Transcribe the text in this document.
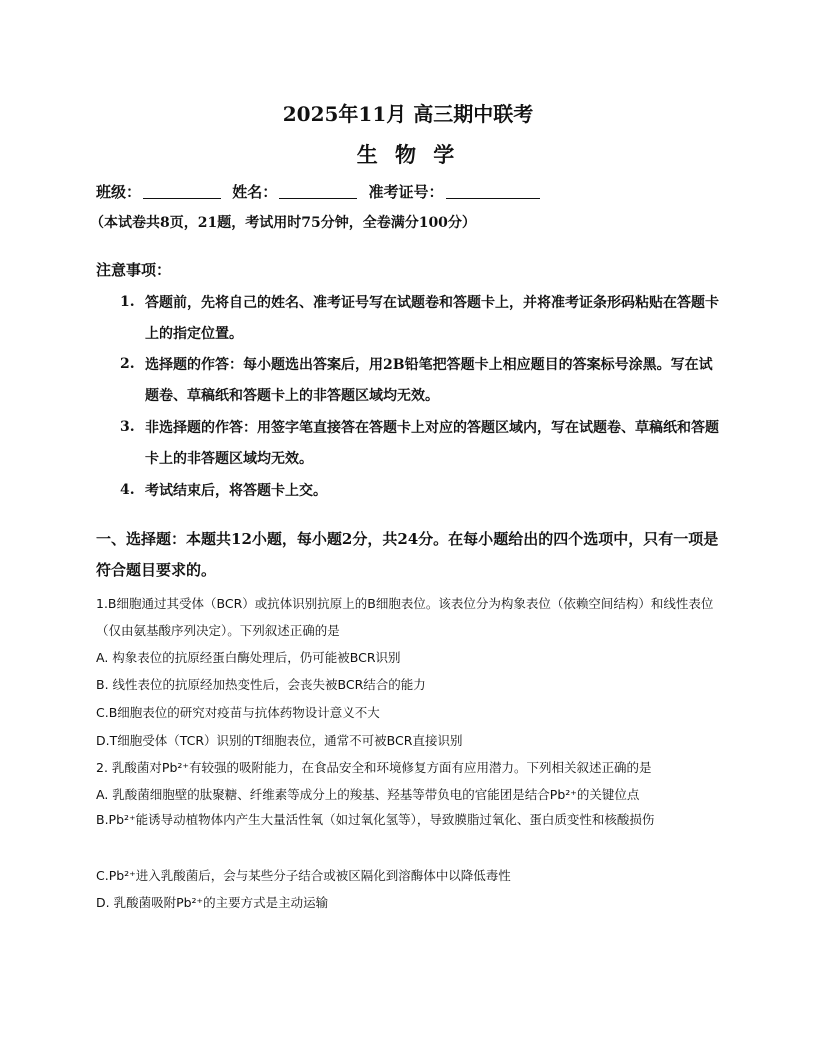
2025年11月 高三期中联考
生 物 学
班级：	姓名：	准考证号：
（本试卷共8页，21题，考试用时75分钟，全卷满分100分）
注意事项：
1. 答题前，先将自己的姓名、准考证号写在试题卷和答题卡上，并将准考证条形码粘贴在答题卡上的指定位置。
2. 选择题的作答：每小题选出答案后，用2B铅笔把答题卡上相应题目的答案标号涂黑。写在试题卷、草稿纸和答题卡上的非答题区域均无效。
3. 非选择题的作答：用签字笔直接答在答题卡上对应的答题区域内，写在试题卷、草稿纸和答题卡上的非答题区域均无效。
4. 考试结束后，将答题卡上交。
一、选择题：本题共12小题，每小题2分，共24分。在每小题给出的四个选项中，只有一项是符合题目要求的。
1.B细胞通过其受体（BCR）或抗体识别抗原上的B细胞表位。该表位分为构象表位（依赖空间结构）和线性表位（仅由氨基酸序列决定）。下列叙述正确的是
A. 构象表位的抗原经蛋白酶处理后，仍可能被BCR识别
B. 线性表位的抗原经加热变性后，会丧失被BCR结合的能力
C.B细胞表位的研究对疫苗与抗体药物设计意义不大
D.T细胞受体（TCR）识别的T细胞表位，通常不可被BCR直接识别
2. 乳酸菌对Pb²⁺有较强的吸附能力，在食品安全和环境修复方面有应用潜力。下列相关叙述正确的是
A. 乳酸菌细胞壁的肽聚糖、纤维素等成分上的羧基、羟基等带负电的官能团是结合Pb²⁺的关键位点
B.Pb²⁺能诱导动植物体内产生大量活性氧（如过氧化氢等），导致膜脂过氧化、蛋白质变性和核酸损伤
C.Pb²⁺进入乳酸菌后，会与某些分子结合或被区隔化到溶酶体中以降低毒性
D. 乳酸菌吸附Pb²⁺的主要方式是主动运输
